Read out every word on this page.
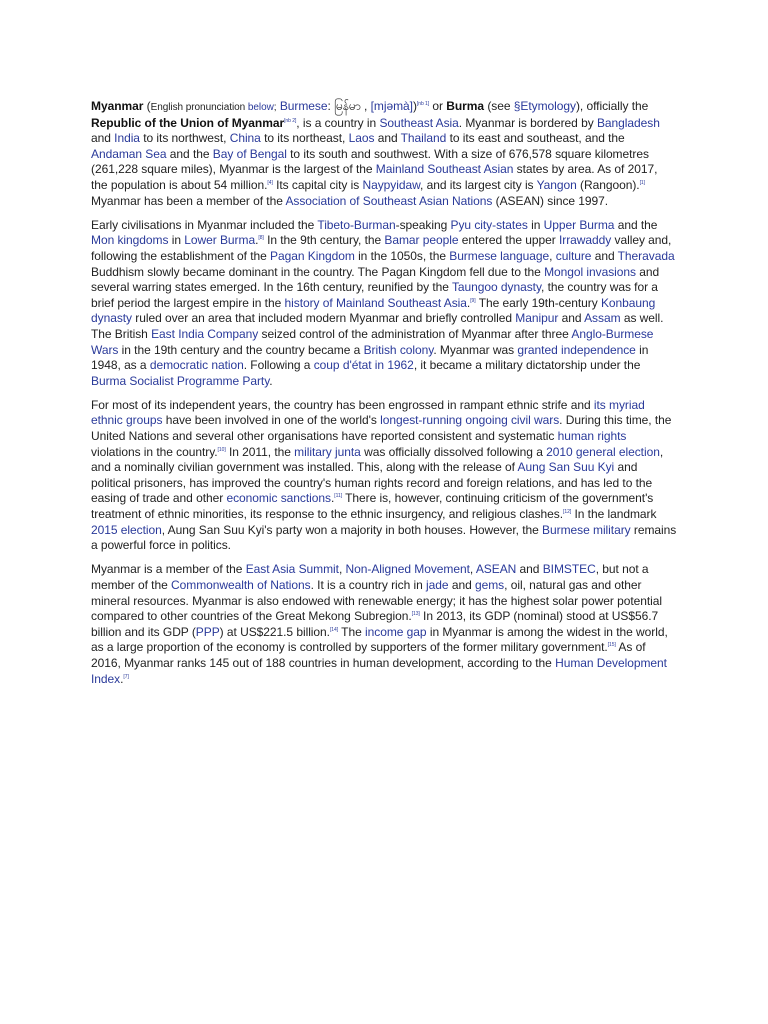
Myanmar (English pronunciation below; Burmese: မြန်မာ , [mjəmà])[nb 1] or Burma (see §Etymology), officially the Republic of the Union of Myanmar[nb 2], is a country in Southeast Asia. Myanmar is bordered by Bangladesh and India to its northwest, China to its northeast, Laos and Thailand to its east and southeast, and the Andaman Sea and the Bay of Bengal to its south and southwest. With a size of 676,578 square kilometres (261,228 square miles), Myanmar is the largest of the Mainland Southeast Asian states by area. As of 2017, the population is about 54 million.[4] Its capital city is Naypyidaw, and its largest city is Yangon (Rangoon).[1] Myanmar has been a member of the Association of Southeast Asian Nations (ASEAN) since 1997.

Early civilisations in Myanmar included the Tibeto-Burman-speaking Pyu city-states in Upper Burma and the Mon kingdoms in Lower Burma.[8] In the 9th century, the Bamar people entered the upper Irrawaddy valley and, following the establishment of the Pagan Kingdom in the 1050s, the Burmese language, culture and Theravada Buddhism slowly became dominant in the country. The Pagan Kingdom fell due to the Mongol invasions and several warring states emerged. In the 16th century, reunified by the Taungoo dynasty, the country was for a brief period the largest empire in the history of Mainland Southeast Asia.[9] The early 19th-century Konbaung dynasty ruled over an area that included modern Myanmar and briefly controlled Manipur and Assam as well. The British East India Company seized control of the administration of Myanmar after three Anglo-Burmese Wars in the 19th century and the country became a British colony. Myanmar was granted independence in 1948, as a democratic nation. Following a coup d'état in 1962, it became a military dictatorship under the Burma Socialist Programme Party.

For most of its independent years, the country has been engrossed in rampant ethnic strife and its myriad ethnic groups have been involved in one of the world's longest-running ongoing civil wars. During this time, the United Nations and several other organisations have reported consistent and systematic human rights violations in the country.[10] In 2011, the military junta was officially dissolved following a 2010 general election, and a nominally civilian government was installed. This, along with the release of Aung San Suu Kyi and political prisoners, has improved the country's human rights record and foreign relations, and has led to the easing of trade and other economic sanctions.[11] There is, however, continuing criticism of the government's treatment of ethnic minorities, its response to the ethnic insurgency, and religious clashes.[12] In the landmark 2015 election, Aung San Suu Kyi's party won a majority in both houses. However, the Burmese military remains a powerful force in politics.

Myanmar is a member of the East Asia Summit, Non-Aligned Movement, ASEAN and BIMSTEC, but not a member of the Commonwealth of Nations. It is a country rich in jade and gems, oil, natural gas and other mineral resources. Myanmar is also endowed with renewable energy; it has the highest solar power potential compared to other countries of the Great Mekong Subregion.[13] In 2013, its GDP (nominal) stood at US$56.7 billion and its GDP (PPP) at US$221.5 billion.[14] The income gap in Myanmar is among the widest in the world, as a large proportion of the economy is controlled by supporters of the former military government.[15] As of 2016, Myanmar ranks 145 out of 188 countries in human development, according to the Human Development Index.[7]
